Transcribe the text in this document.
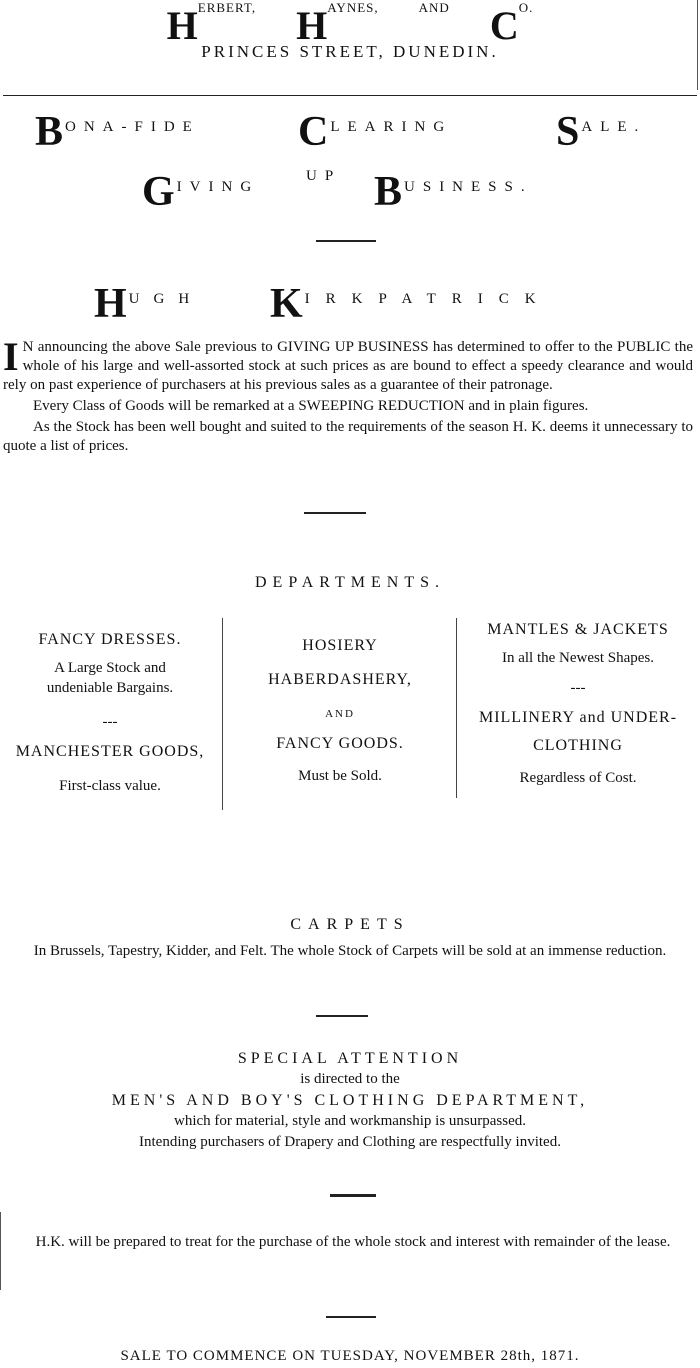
$H^{ERBERT,}$ $H^{AYNES,}$	$^{AND}$ $C^{O.}$
PRINCES STREET, DUNEDIN.
BONA-FIDE CLEARING SALE.
GIVING
UP BUSINESS.
HUGH KIRKPATRICK
I N announcing the above Sale previous to GIVING UP BUSINESS has determined to offer to the PUBLIC the whole of his large and well-assorted stock at such prices as are bound to effect a speedy clearance and would rely on past experience of purchasers at his previous sales as a guarantee of their patronage.
Every Class of Goods will be remarked at a SWEEPING REDUCTION and in plain figures.
As the Stock has been well bought and suited to the requirements of the season H. K. deems it unnecessary to quote a list of prices.
DEPARTMENTS.
FANCY DRESSES.
A Large Stock and undeniable Bargains.
---
MANCHESTER GOODS,
First-class value.
HOSIERY
HABERDASHERY,
AND
FANCY GOODS.
Must be Sold.
MANTLES & JACKETS
In all the Newest Shapes.
---
MILLINERY and UNDER-
CLOTHING
Regardless of Cost.
CARPETS
In Brussels, Tapestry, Kidder, and Felt. The whole Stock of Carpets will be sold at an immense reduction.
SPECIAL ATTENTION
is directed to the
MEN'S AND BOY'S CLOTHING DEPARTMENT,
which for material, style and workmanship is unsurpassed.
Intending purchasers of Drapery and Clothing are respectfully invited.
H.K. will be prepared to treat for the purchase of the whole stock and interest with remainder of the lease.
SALE TO COMMENCE ON TUESDAY, NOVEMBER 28th, 1871.
